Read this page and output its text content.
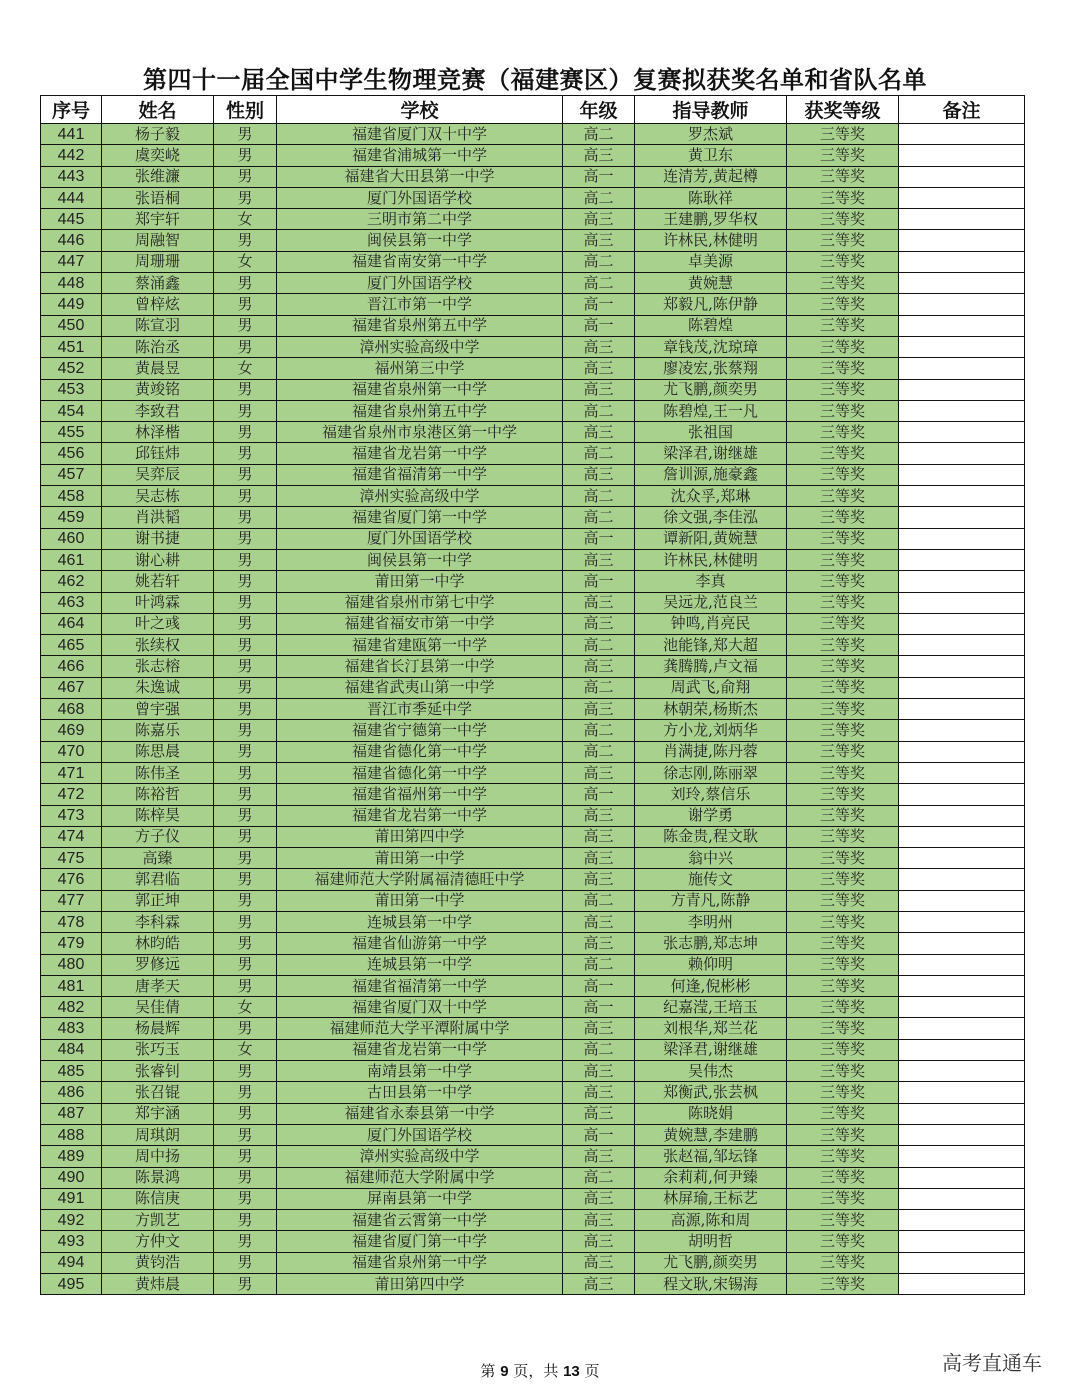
第四十一届全国中学生物理竞赛（福建赛区）复赛拟获奖名单和省队名单
序号	姓名	性别	学校	年级	指导教师	获奖等级	备注
441	杨子毅	男	福建省厦门双十中学	高二	罗杰斌	三等奖	
442	虞奕峣	男	福建省浦城第一中学	高三	黄卫东	三等奖	
443	张维濂	男	福建省大田县第一中学	高一	连清芳,黄起樽	三等奖	
444	张语桐	男	厦门外国语学校	高二	陈耿祥	三等奖	
445	郑宇轩	女	三明市第二中学	高三	王建鹏,罗华权	三等奖	
446	周融智	男	闽侯县第一中学	高三	许林民,林健明	三等奖	
447	周珊珊	女	福建省南安第一中学	高二	卓美源	三等奖	
448	蔡涌鑫	男	厦门外国语学校	高二	黄婉慧	三等奖	
449	曾梓炫	男	晋江市第一中学	高一	郑毅凡,陈伊静	三等奖	
450	陈宣羽	男	福建省泉州第五中学	高一	陈碧煌	三等奖	
451	陈治丞	男	漳州实验高级中学	高三	章钱茂,沈琼璋	三等奖	
452	黄晨昱	女	福州第三中学	高三	廖凌宏,张蔡翔	三等奖	
453	黄竣铭	男	福建省泉州第一中学	高三	尤飞鹏,颜奕男	三等奖	
454	李致君	男	福建省泉州第五中学	高二	陈碧煌,王一凡	三等奖	
455	林泽楷	男	福建省泉州市泉港区第一中学	高三	张祖国	三等奖	
456	邱钰炜	男	福建省龙岩第一中学	高二	梁泽君,谢继雄	三等奖	
457	吴弈辰	男	福建省福清第一中学	高三	詹训源,施豪鑫	三等奖	
458	吴志栋	男	漳州实验高级中学	高二	沈众孚,郑琳	三等奖	
459	肖洪韬	男	福建省厦门第一中学	高二	徐文强,李佳泓	三等奖	
460	谢书捷	男	厦门外国语学校	高一	谭新阳,黄婉慧	三等奖	
461	谢心耕	男	闽侯县第一中学	高三	许林民,林健明	三等奖	
462	姚若轩	男	莆田第一中学	高一	李真	三等奖	
463	叶鸿霖	男	福建省泉州市第七中学	高三	吴远龙,范良兰	三等奖	
464	叶之彧	男	福建省福安市第一中学	高三	钟鸣,肖亮民	三等奖	
465	张续权	男	福建省建瓯第一中学	高二	池能锋,郑大超	三等奖	
466	张志榕	男	福建省长汀县第一中学	高三	龚腾腾,卢文福	三等奖	
467	朱逸诚	男	福建省武夷山第一中学	高二	周武飞,俞翔	三等奖	
468	曾宇强	男	晋江市季延中学	高三	林朝荣,杨斯杰	三等奖	
469	陈嘉乐	男	福建省宁德第一中学	高二	方小龙,刘炳华	三等奖	
470	陈思晨	男	福建省德化第一中学	高二	肖满捷,陈丹蓉	三等奖	
471	陈伟圣	男	福建省德化第一中学	高三	徐志刚,陈丽翠	三等奖	
472	陈裕哲	男	福建省福州第一中学	高一	刘玲,蔡信乐	三等奖	
473	陈梓昊	男	福建省龙岩第一中学	高三	谢学勇	三等奖	
474	方子仪	男	莆田第四中学	高三	陈金贵,程文耿	三等奖	
475	高臻	男	莆田第一中学	高三	翁中兴	三等奖	
476	郭君临	男	福建师范大学附属福清德旺中学	高三	施传文	三等奖	
477	郭正坤	男	莆田第一中学	高二	方青凡,陈静	三等奖	
478	李科霖	男	连城县第一中学	高三	李明州	三等奖	
479	林昀皓	男	福建省仙游第一中学	高三	张志鹏,郑志坤	三等奖	
480	罗修远	男	连城县第一中学	高二	赖仰明	三等奖	
481	唐孝天	男	福建省福清第一中学	高一	何逢,倪彬彬	三等奖	
482	吴佳倩	女	福建省厦门双十中学	高一	纪嘉滢,王培玉	三等奖	
483	杨晨辉	男	福建师范大学平潭附属中学	高三	刘根华,郑兰花	三等奖	
484	张巧玉	女	福建省龙岩第一中学	高二	梁泽君,谢继雄	三等奖	
485	张睿钊	男	南靖县第一中学	高三	吴伟杰	三等奖	
486	张召锟	男	古田县第一中学	高三	郑衡武,张芸枫	三等奖	
487	郑宇涵	男	福建省永泰县第一中学	高三	陈晓娟	三等奖	
488	周琪朗	男	厦门外国语学校	高一	黄婉慧,李建鹏	三等奖	
489	周中扬	男	漳州实验高级中学	高三	张赵福,邹坛锋	三等奖	
490	陈景鸿	男	福建师范大学附属中学	高二	余莉莉,何尹臻	三等奖	
491	陈信庚	男	屏南县第一中学	高三	林屏瑜,王标艺	三等奖	
492	方凯艺	男	福建省云霄第一中学	高三	高源,陈和周	三等奖	
493	方仲文	男	福建省厦门第一中学	高三	胡明哲	三等奖	
494	黄钧浩	男	福建省泉州第一中学	高三	尤飞鹏,颜奕男	三等奖	
495	黄炜晨	男	莆田第四中学	高三	程文耿,宋锡海	三等奖	
第 9 页，共 13 页	高考直通车
